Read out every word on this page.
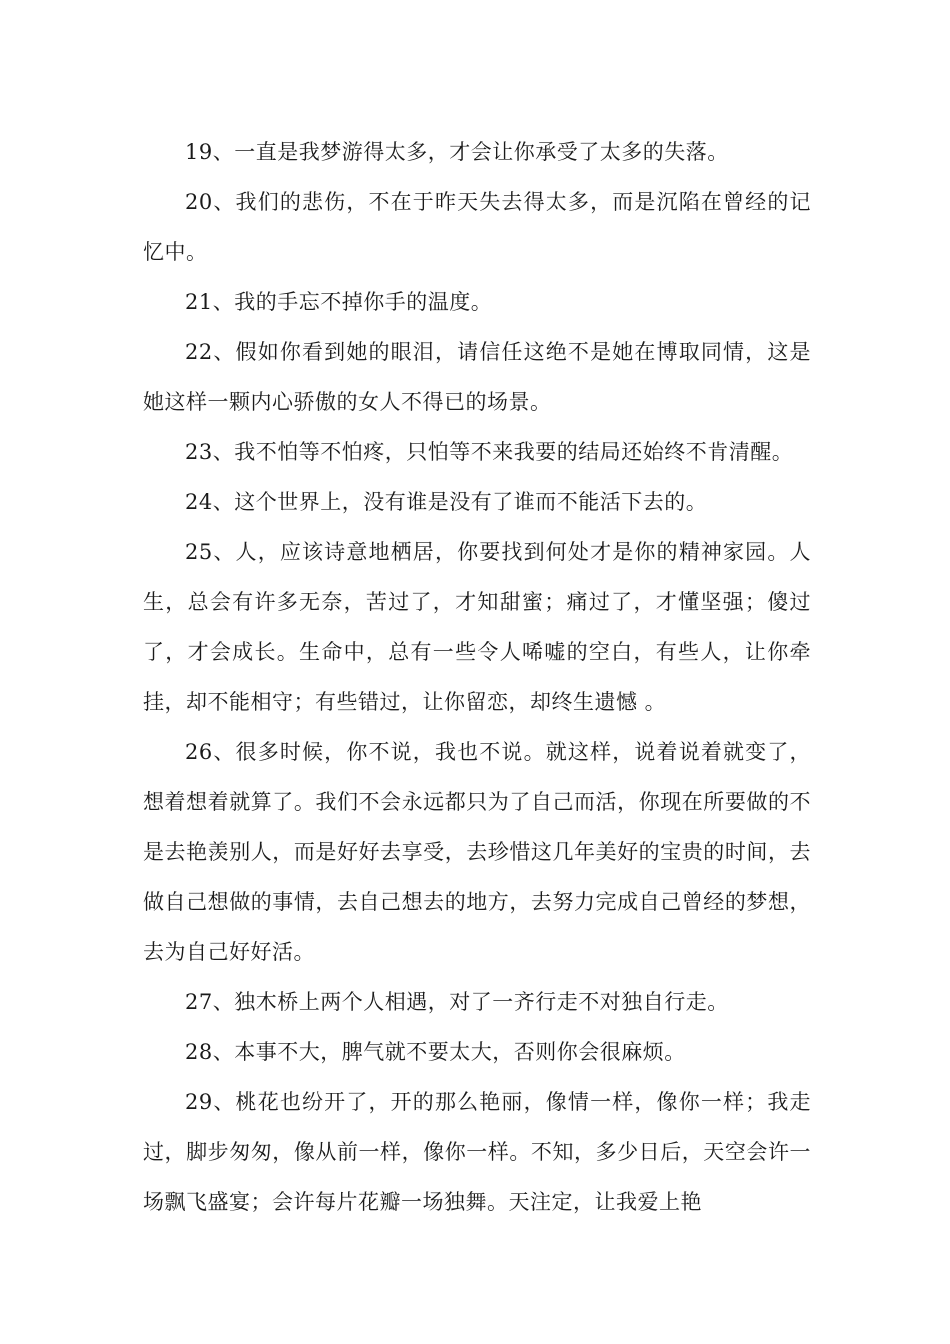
19、一直是我梦游得太多，才会让你承受了太多的失落。

20、我们的悲伤，不在于昨天失去得太多，而是沉陷在曾经的记忆中。

21、我的手忘不掉你手的温度。

22、假如你看到她的眼泪，请信任这绝不是她在博取同情，这是她这样一颗内心骄傲的女人不得已的场景。

23、我不怕等不怕疼，只怕等不来我要的结局还始终不肯清醒。

24、这个世界上，没有谁是没有了谁而不能活下去的。

25、人，应该诗意地栖居，你要找到何处才是你的精神家园。人生，总会有许多无奈，苦过了，才知甜蜜；痛过了，才懂坚强；傻过了，才会成长。生命中，总有一些令人唏嘘的空白，有些人，让你牵挂，却不能相守；有些错过，让你留恋，却终生遗憾 。

26、很多时候，你不说，我也不说。就这样，说着说着就变了，想着想着就算了。我们不会永远都只为了自己而活，你现在所要做的不是去艳羡别人，而是好好去享受，去珍惜这几年美好的宝贵的时间，去做自己想做的事情，去自己想去的地方，去努力完成自己曾经的梦想，去为自己好好活。

27、独木桥上两个人相遇，对了一齐行走不对独自行走。

28、本事不大，脾气就不要太大，否则你会很麻烦。

29、桃花也纷开了，开的那么艳丽，像情一样，像你一样；我走过，脚步匆匆，像从前一样，像你一样。不知，多少日后，天空会许一场飘飞盛宴；会许每片花瓣一场独舞。天注定，让我爱上艳
